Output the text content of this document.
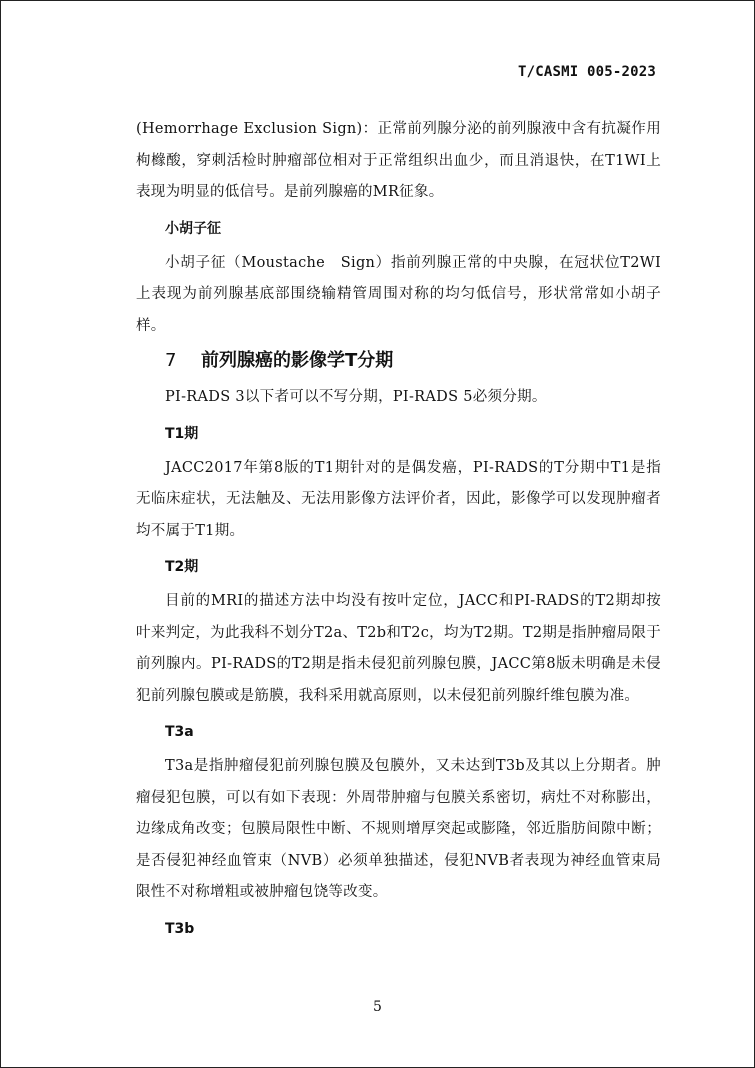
T/CASMI 005-2023

(Hemorrhage Exclusion Sign)：正常前列腺分泌的前列腺液中含有抗凝作用枸橼酸，穿刺活检时肿瘤部位相对于正常组织出血少，而且消退快，在T1WI上表现为明显的低信号。是前列腺癌的MR征象。

小胡子征

小胡子征（Moustache　Sign）指前列腺正常的中央腺，在冠状位T2WI上表现为前列腺基底部围绕输精管周围对称的均匀低信号，形状常常如小胡子样。

7 前列腺癌的影像学T分期

PI-RADS 3以下者可以不写分期，PI-RADS 5必须分期。

T1期

JACC2017年第8版的T1期针对的是偶发癌，PI-RADS的T分期中T1是指无临床症状，无法触及、无法用影像方法评价者，因此，影像学可以发现肿瘤者均不属于T1期。

T2期

目前的MRI的描述方法中均没有按叶定位，JACC和PI-RADS的T2期却按叶来判定，为此我科不划分T2a、T2b和T2c，均为T2期。T2期是指肿瘤局限于前列腺内。PI-RADS的T2期是指未侵犯前列腺包膜，JACC第8版未明确是未侵犯前列腺包膜或是筋膜，我科采用就高原则，以未侵犯前列腺纤维包膜为准。

T3a

T3a是指肿瘤侵犯前列腺包膜及包膜外，又未达到T3b及其以上分期者。肿瘤侵犯包膜，可以有如下表现：外周带肿瘤与包膜关系密切，病灶不对称膨出，边缘成角改变；包膜局限性中断、不规则增厚突起或膨隆，邻近脂肪间隙中断；是否侵犯神经血管束（NVB）必须单独描述，侵犯NVB者表现为神经血管束局限性不对称增粗或被肿瘤包饶等改变。

T3b
5
